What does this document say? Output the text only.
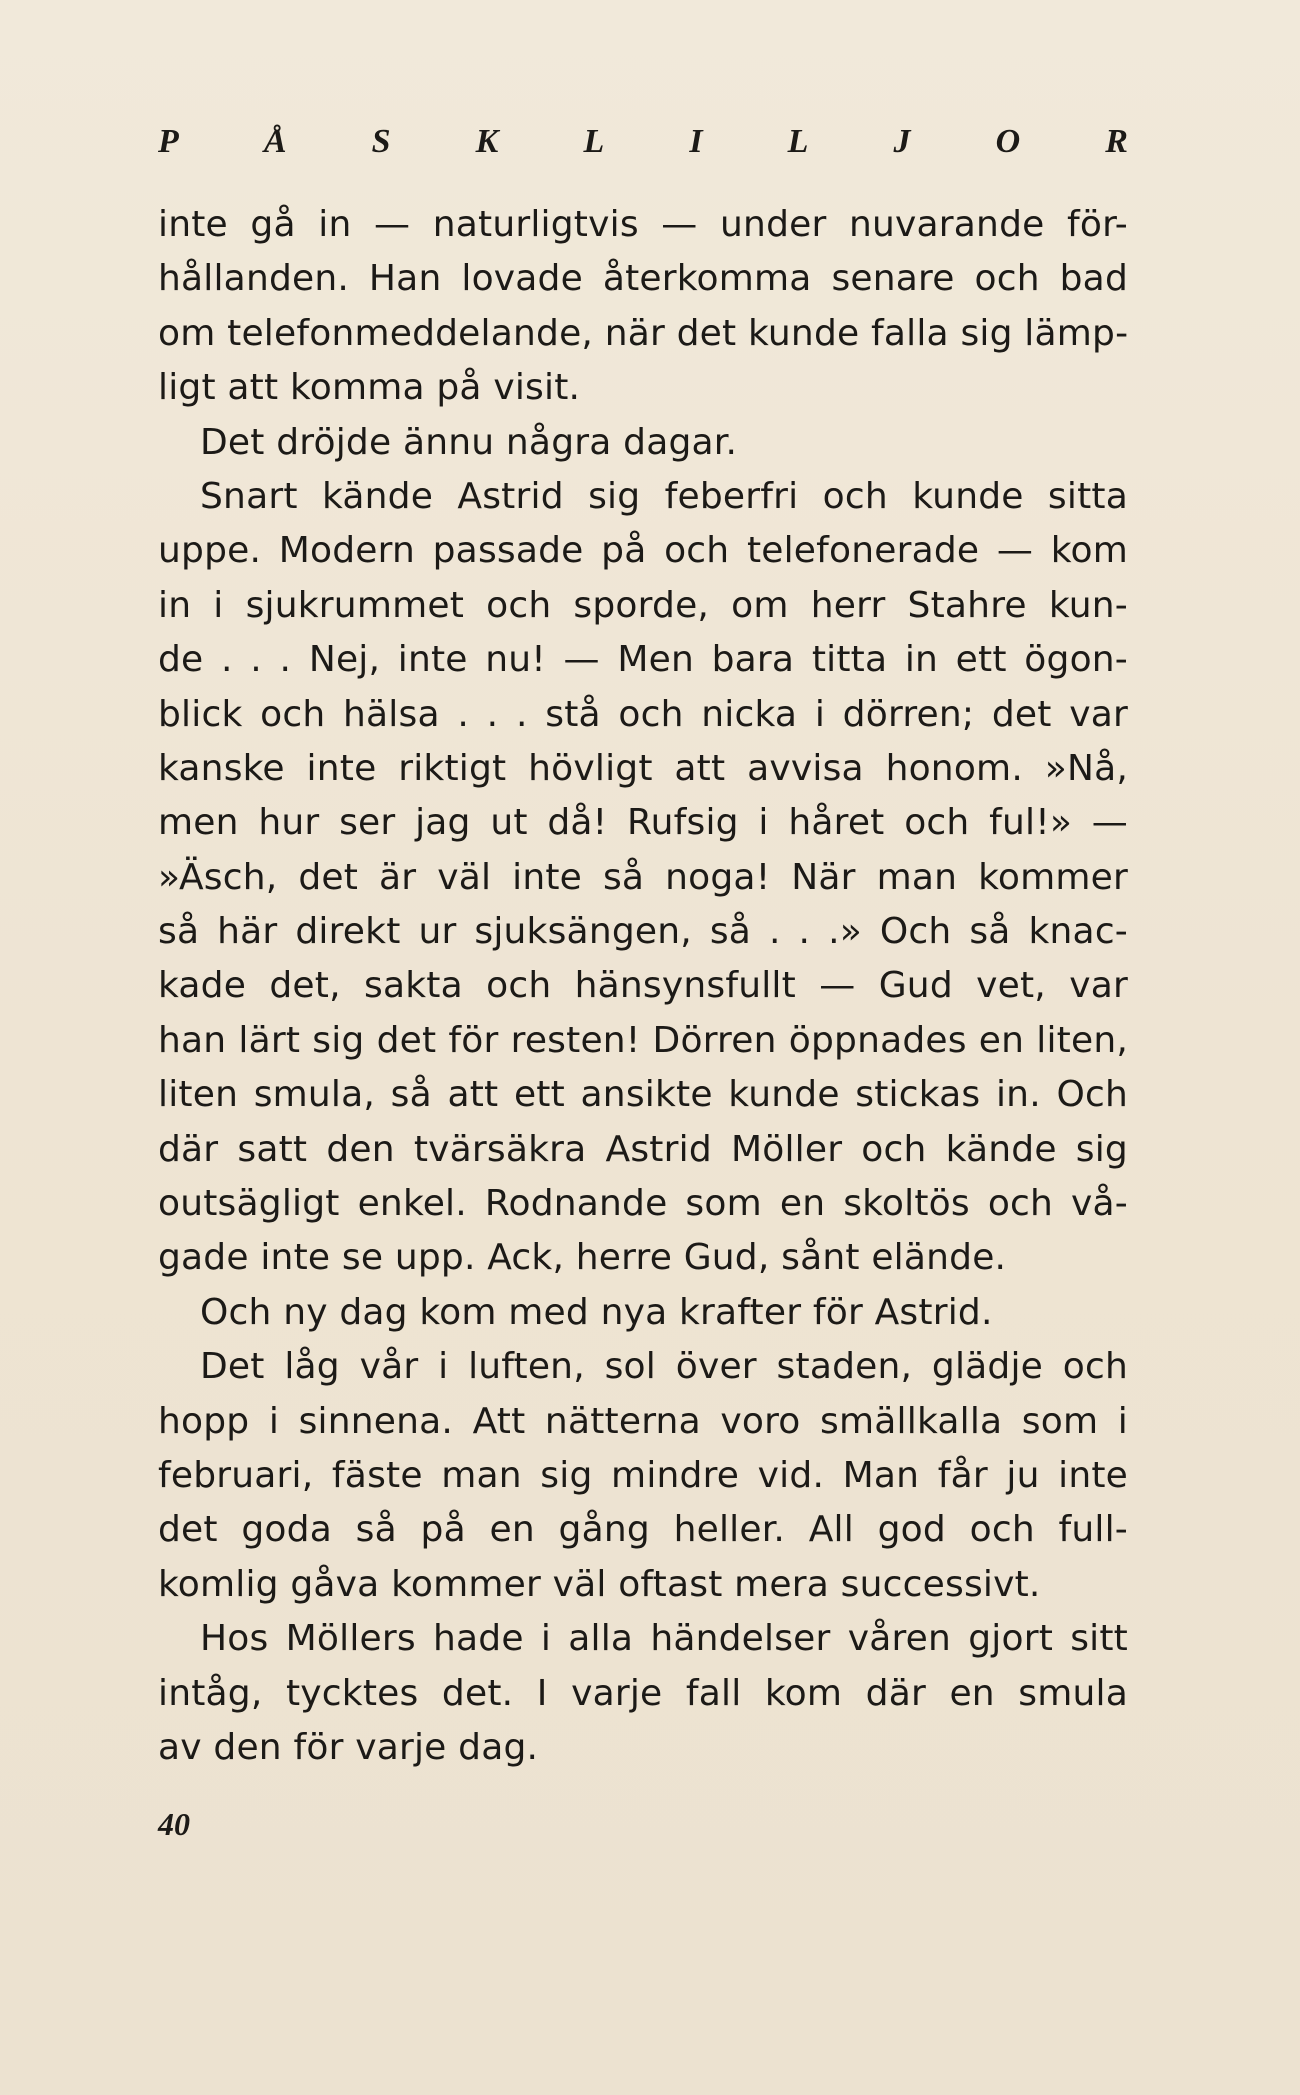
P	Å	S	K	L	I	L	J	O	R
inte gå in — naturligtvis — under nuvarande för-
hållanden. Han lovade återkomma senare och bad
om telefonmeddelande, när det kunde falla sig lämp-
ligt att komma på visit.
Det dröjde ännu några dagar.
Snart kände Astrid sig feberfri och kunde sitta
uppe. Modern passade på och telefonerade — kom
in i sjukrummet och sporde, om herr Stahre kun-
de . . . Nej, inte nu! — Men bara titta in ett ögon-
blick och hälsa . . . stå och nicka i dörren; det var
kanske inte riktigt hövligt att avvisa honom. »Nå,
men hur ser jag ut då! Rufsig i håret och ful!» —
»Äsch, det är väl inte så noga! När man kommer
så här direkt ur sjuksängen, så . . .» Och så knac-
kade det, sakta och hänsynsfullt — Gud vet, var
han lärt sig det för resten! Dörren öppnades en liten,
liten smula, så att ett ansikte kunde stickas in. Och
där satt den tvärsäkra Astrid Möller och kände sig
outsägligt enkel. Rodnande som en skoltös och vå-
gade inte se upp. Ack, herre Gud, sånt elände.
Och ny dag kom med nya krafter för Astrid.
Det låg vår i luften, sol över staden, glädje och
hopp i sinnena. Att nätterna voro smällkalla som i
februari, fäste man sig mindre vid. Man får ju inte
det goda så på en gång heller. All god och full-
komlig gåva kommer väl oftast mera successivt.
Hos Möllers hade i alla händelser våren gjort sitt
intåg, tycktes det. I varje fall kom där en smula
av den för varje dag.
40
